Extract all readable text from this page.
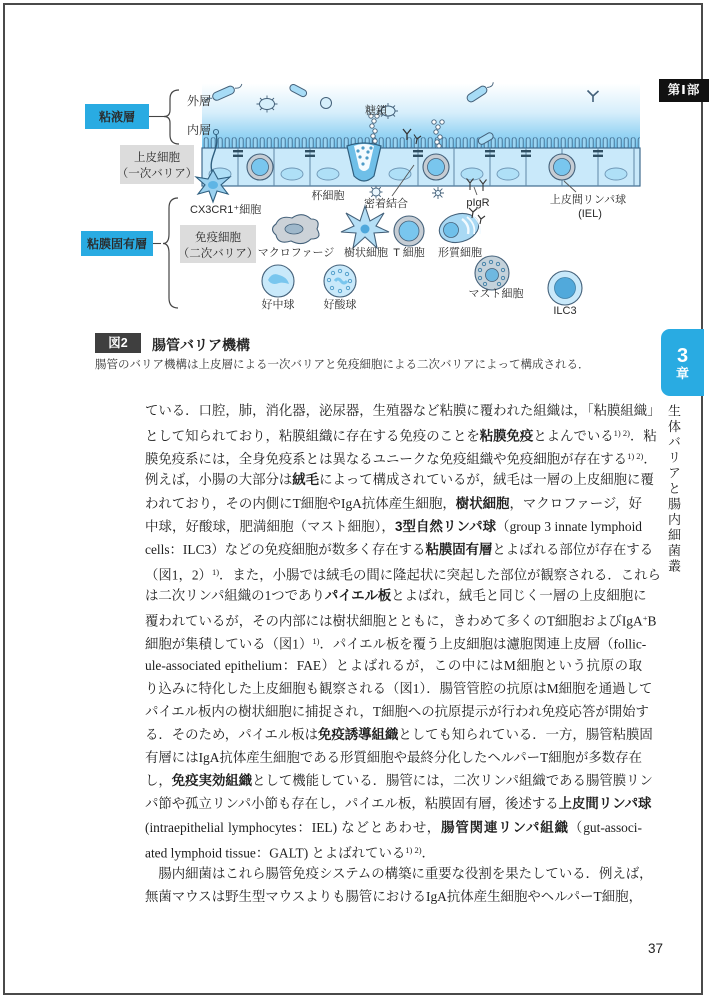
粘液層
外層
内層
上皮細胞
（一次バリア）
粘膜固有層	免疫細胞
（二次バリア）
糖鎖
CX3CR1⁺細胞
杯細胞
密着結合	pIgR	上皮間リンパ球
(IEL)
マクロファージ 樹状細胞 T 細胞 形質細胞
好中球	好酸球
マスト細胞
ILC3
図2	腸管バリア機構
腸管のバリア機構は上皮層による一次バリアと免疫細胞による二次バリアによって構成される．
ている．口腔，肺，消化器，泌尿器，生殖器など粘膜に覆われた組織は，「粘膜組織」
として知られており，粘膜組織に存在する免疫のことを粘膜免疫とよんでいる$^{1) 2)}$．粘
膜免疫系には，全身免疫系とは異なるユニークな免疫組織や免疫細胞が存在する$^{1) 2)}$．
例えば，小腸の大部分は絨毛によって構成されているが，絨毛は一層の上皮細胞に覆
われており，その内側にT細胞やIgA抗体産生細胞，樹状細胞，マクロファージ，好
中球，好酸球，肥満細胞（マスト細胞），3型自然リンパ球（group 3 innate lymphoid
cells：ILC3）などの免疫細胞が数多く存在する粘膜固有層とよばれる部位が存在する
（図1，2）$^{1)}$．また，小腸では絨毛の間に隆起状に突起した部位が観察される．これら
は二次リンパ組織の1つでありパイエル板とよばれ，絨毛と同じく一層の上皮細胞に
覆われているが，その内部には樹状細胞とともに，きわめて多くのT細胞およびIgA+B
細胞が集積している（図1）$^{1)}$．パイエル板を覆う上皮細胞は濾胞関連上皮層（follic-
ule-associated epithelium：FAE）とよばれるが，この中にはM細胞という抗原の取
り込みに特化した上皮細胞も観察される（図1）．腸管管腔の抗原はM細胞を通過して
パイエル板内の樹状細胞に捕捉され，T細胞への抗原提示が行われ免疫応答が開始す
る．そのため，パイエル板は免疫誘導組織としても知られている．一方，腸管粘膜固
有層にはIgA抗体産生細胞である形質細胞や最終分化したヘルパーT細胞が多数存在
し，免疫実効組織として機能している．腸管には，二次リンパ組織である腸管膜リン
パ節や孤立リンパ小節も存在し，パイエル板，粘膜固有層，後述する上皮間リンパ球
(intraepithelial lymphocytes：IEL) などとあわせ，腸管関連リンパ組織（gut-associ-
ated lymphoid tissue：GALT) とよばれている$^{1) 2)}$．
　腸内細菌はこれら腸管免疫システムの構築に重要な役割を果たしている．例えば，
無菌マウスは野生型マウスよりも腸管におけるIgA抗体産生細胞やヘルパーT細胞，
第Ⅰ部
3
章
生体バリアと腸内細菌叢
37
